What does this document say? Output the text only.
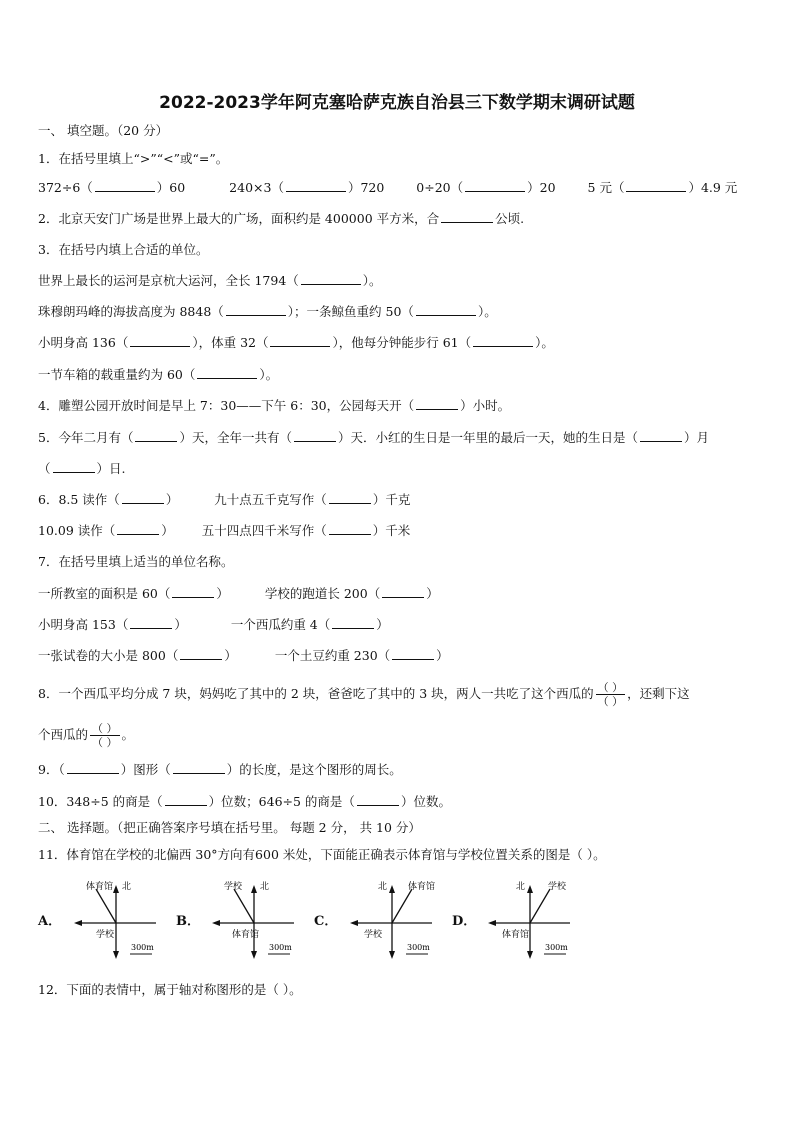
2022-2023学年阿克塞哈萨克族自治县三下数学期末调研试题
一、 填空题。（20 分）
1．在括号里填上“>”“<”或“=”。
372÷6（	）60	240×3（	）720	0÷20（	）20	5 元（	）4.9 元
2．北京天安门广场是世界上最大的广场，面积约是 400000 平方米，合	公顷.
3．在括号内填上合适的单位。
世界上最长的运河是京杭大运河，全长 1794（	）。
珠穆朗玛峰的海拔高度为 8848（	）；一条鲸鱼重约 50（	）。
小明身高 136（	），体重 32（	），他每分钟能步行 61（	）。
一节车箱的载重量约为 60（	）。
4．雕塑公园开放时间是早上 7：30——下午 6：30，公园每天开（	）小时。
5．今年二月有（	）天，全年一共有（	）天．小红的生日是一年里的最后一天，她的生日是（	）月
（	）日.
6．8.5 读作（	）	九十点五千克写作（	）千克
10.09 读作（	） 五十四点四千米写作（	）千米
7．在括号里填上适当的单位名称。
一所教室的面积是 60（	）	学校的跑道长 200（	）
小明身高 153（	）	一个西瓜约重 4（	）
一张试卷的大小是 800（	）	一个土豆约重 230（	）
8．一个西瓜平均分成 7 块，妈妈吃了其中的 2 块，爸爸吃了其中的 3 块，两人一共吃了这个西瓜的 $\frac{( )}{( )}$ ，还剩下这
个西瓜的 $\frac{( )}{( )}$ 。
9．（	）图形（	）的长度，是这个图形的周长。
10．348÷5 的商是（	）位数；646÷5 的商是（	）位数。
二、 选择题。（把正确答案序号填在括号里。 每题 2 分， 共 10 分）
11．体育馆在学校的北偏西 30°方向有600 米处，下面能正确表示体育馆与学校位置关系的图是（ ）。
A．
体育馆 北
学校
300m
B．
学校 北
体育馆
300m
C．
北 体育馆
学校
300m
D．
北	学校
体育馆
300m
12．下面的表情中，属于轴对称图形的是（ ）。
